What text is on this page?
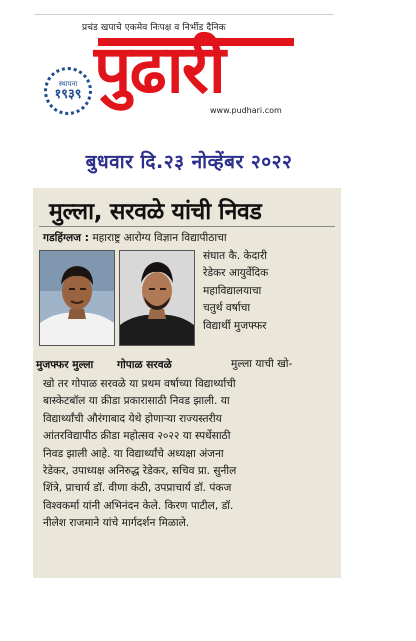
प्रचंड खपाचे एकमेव निःपक्ष व निर्भीड दैनिक
स्थापना
१९३९ पुढारी
www.pudhari.com
बुधवार दि.२३ नोव्हेंबर २०२२
मुल्ला, सरवळे यांची निवड
गडहिंग्लज : महाराष्ट्र आरोग्य विज्ञान विद्यापीठाचा
संघात कै. केदारी
रेडेकर आयुर्वेदिक
महाविद्यालयाचा
चतुर्थ वर्षाचा
विद्यार्थी मुजफ्फर
मुजफ्फर मुल्ला गोपाळ सरवळे	मुल्ला याची खो-
खो तर गोपाळ सरवळे या प्रथम वर्षाच्या विद्यार्थ्याची
बास्केटबॉल या क्रीडा प्रकारासाठी निवड झाली. या
विद्यार्थ्यांची औरंगाबाद येथे होणाऱ्या राज्यस्तरीय
आंतरविद्यापीठ क्रीडा महोत्सव २०२२ या स्पर्धेसाठी
निवड झाली आहे. या विद्यार्थ्यांचे अध्यक्षा अंजना
रेडेकर, उपाध्यक्ष अनिरुद्ध रेडेकर, सचिव प्रा. सुनील
शिंत्रे, प्राचार्य डॉ. वीणा कंठी, उपप्राचार्य डॉ. पंकज
विश्वकर्मा यांनी अभिनंदन केले. किरण पाटील, डॉ.
नीलेश राजमाने यांचे मार्गदर्शन मिळाले.
